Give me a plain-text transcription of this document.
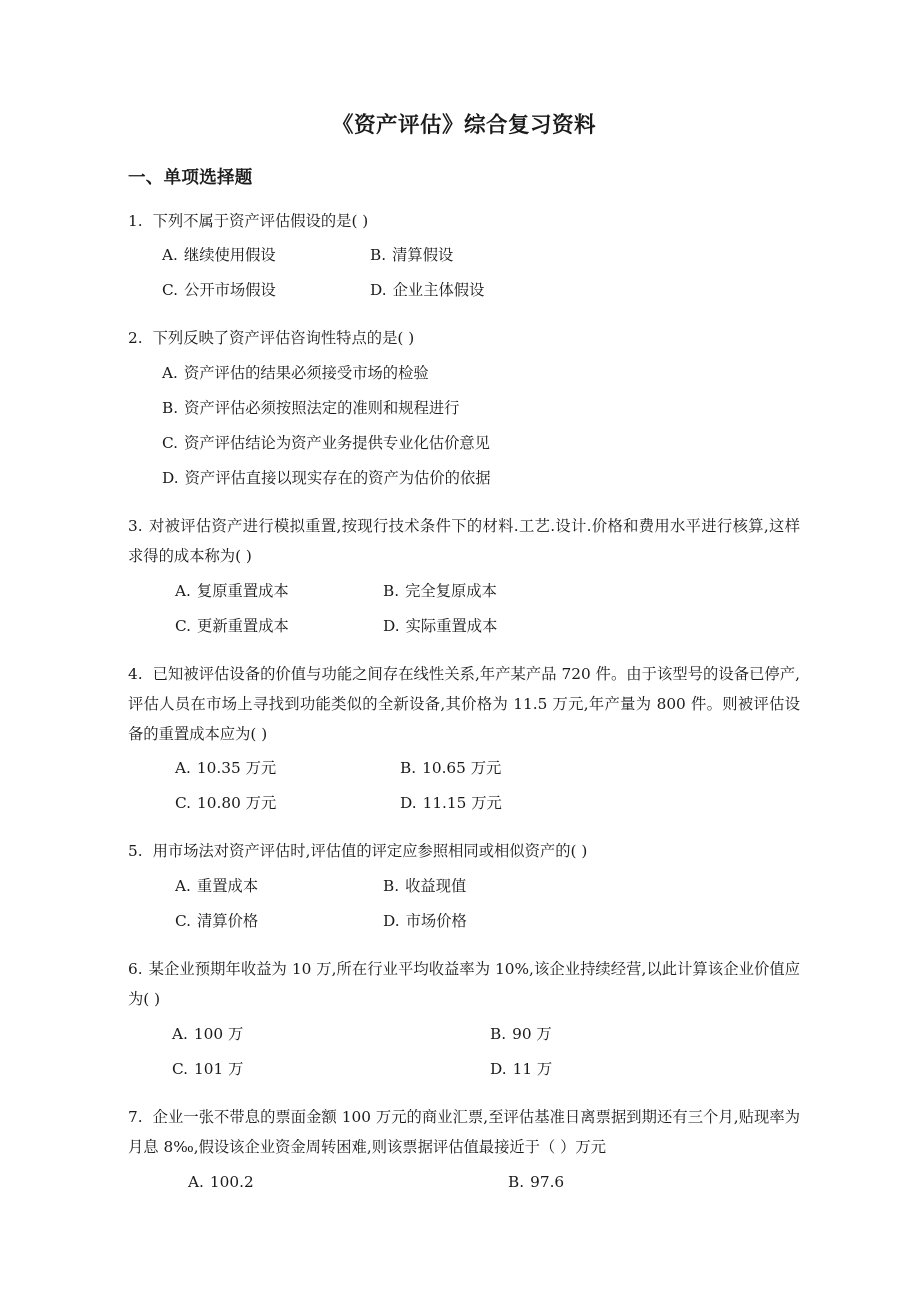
《资产评估》综合复习资料
一、单项选择题
1. 下列不属于资产评估假设的是( )
A. 继续使用假设	B. 清算假设
C. 公开市场假设	D. 企业主体假设
2. 下列反映了资产评估咨询性特点的是( )
A. 资产评估的结果必须接受市场的检验
B. 资产评估必须按照法定的准则和规程进行
C. 资产评估结论为资产业务提供专业化估价意见
D. 资产评估直接以现实存在的资产为估价的依据
3. 对被评估资产进行模拟重置,按现行技术条件下的材料.工艺.设计.价格和费用水平进行核算,这样求得的成本称为( )
A. 复原重置成本	B. 完全复原成本
C. 更新重置成本	D. 实际重置成本
4. 已知被评估设备的价值与功能之间存在线性关系,年产某产品 720 件。由于该型号的设备已停产,评估人员在市场上寻找到功能类似的全新设备,其价格为 11.5 万元,年产量为 800 件。则被评估设备的重置成本应为( )
A. 10.35 万元	B. 10.65 万元
C. 10.80 万元	D. 11.15 万元
5. 用市场法对资产评估时,评估值的评定应参照相同或相似资产的( )
A. 重置成本	B. 收益现值
C. 清算价格	D. 市场价格
6. 某企业预期年收益为 10 万,所在行业平均收益率为 10%,该企业持续经营,以此计算该企业价值应为( )
A. 100 万	B. 90 万
C. 101 万	D. 11 万
7. 企业一张不带息的票面金额 100 万元的商业汇票,至评估基准日离票据到期还有三个月,贴现率为月息 8‰,假设该企业资金周转困难,则该票据评估值最接近于（ ）万元
A. 100.2	B. 97.6
